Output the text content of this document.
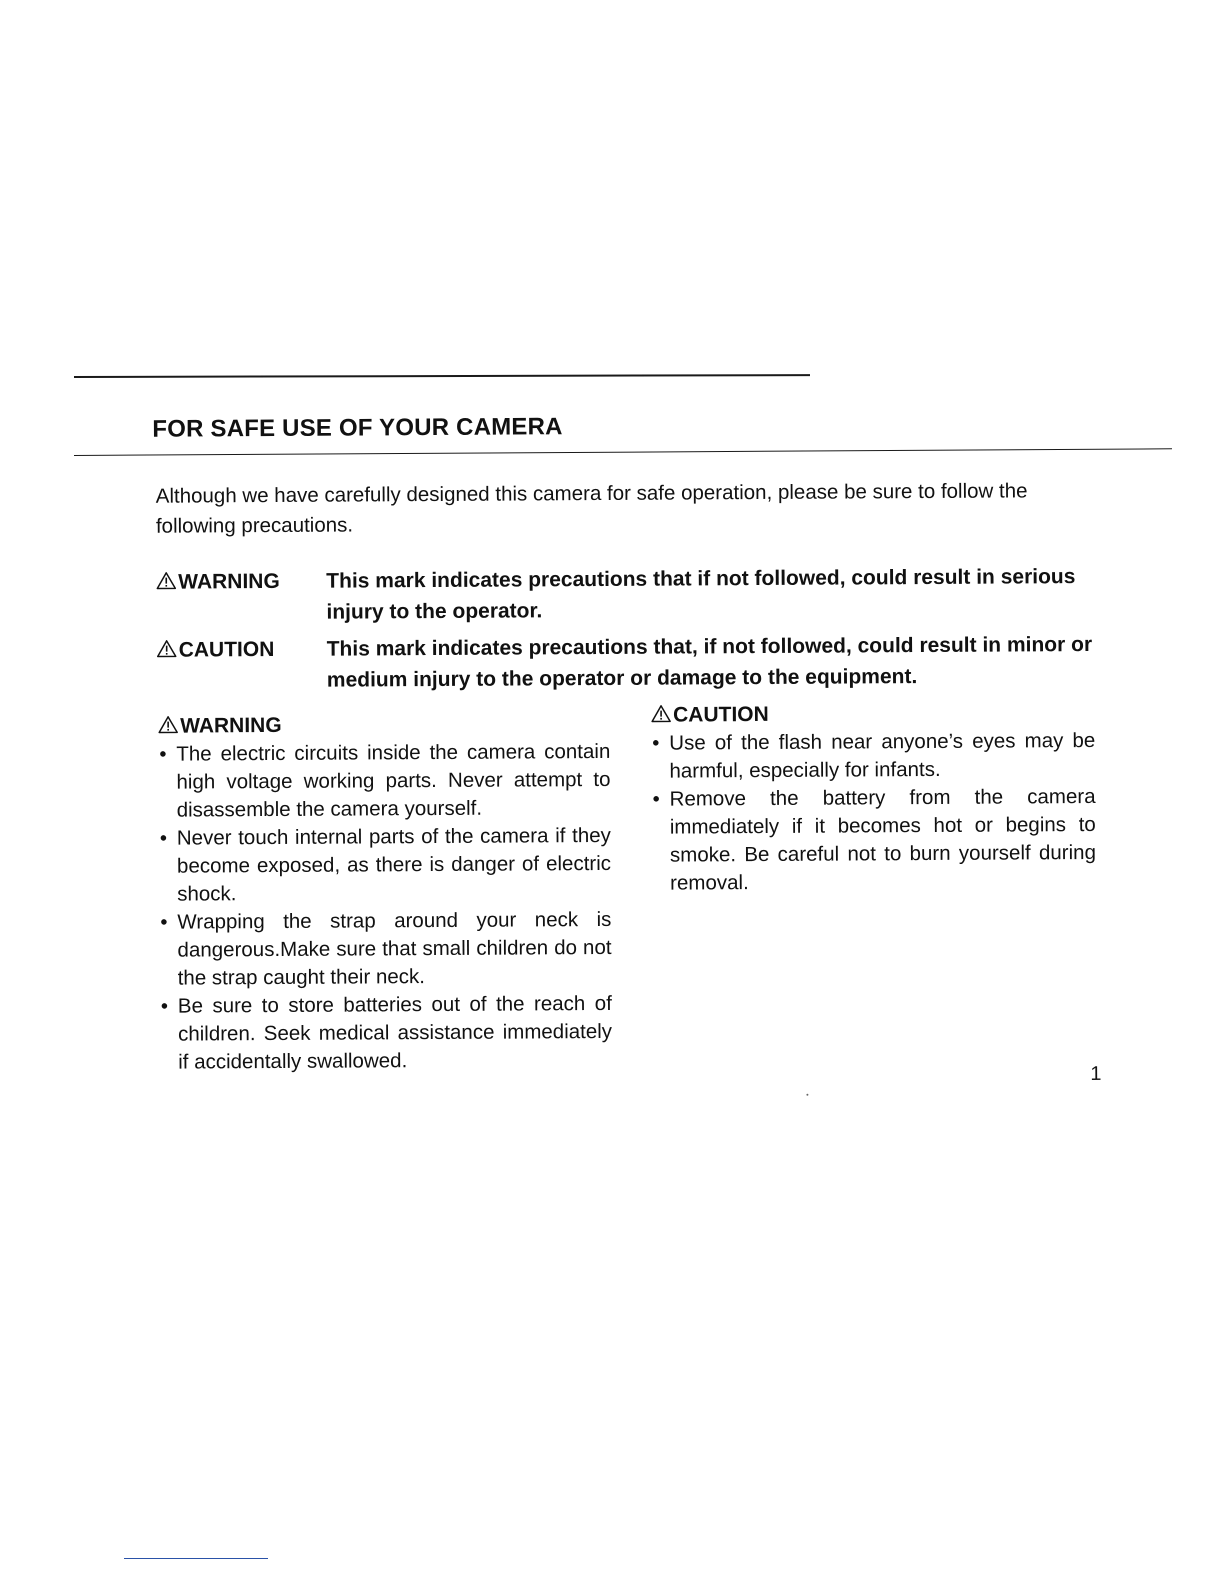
FOR SAFE USE OF YOUR CAMERA

Although we have carefully designed this camera for safe operation, please be sure to follow the following precautions.

WARNING	This mark indicates precautions that if not followed, could result in serious injury to the operator.
CAUTION	This mark indicates precautions that, if not followed, could result in minor or medium injury to the operator or damage to the equipment.
WARNING
• The electric circuits inside the camera contain high voltage working parts. Never attempt to disassemble the camera yourself.
• Never touch internal parts of the camera if they become exposed, as there is danger of electric shock.
• Wrapping the strap around your neck is dangerous.Make sure that small children do not the strap caught their neck.
• Be sure to store batteries out of the reach of children. Seek medical assistance immediately if accidentally swallowed.
CAUTION
• Use of the flash near anyone’s eyes may be harmful, especially for infants.
• Remove the battery from the camera immediately if it becomes hot or begins to smoke. Be careful not to burn yourself during removal.
1
